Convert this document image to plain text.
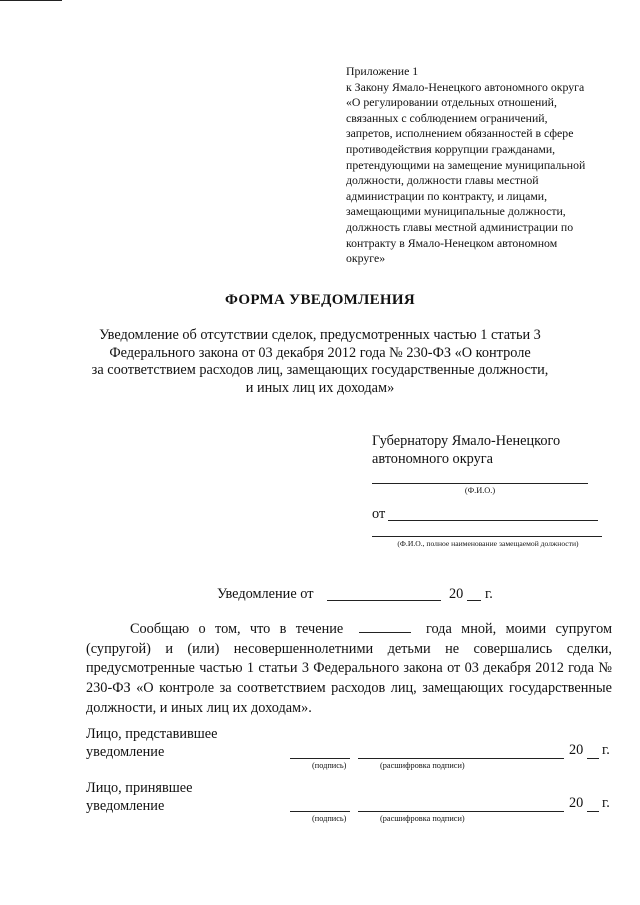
Приложение 1
к Закону Ямало-Ненецкого автономного округа
«О регулировании отдельных отношений,
связанных с соблюдением ограничений,
запретов, исполнением обязанностей в сфере
противодействия коррупции гражданами,
претендующими на замещение муниципальной
должности, должности главы местной
администрации по контракту, и лицами,
замещающими муниципальные должности,
должность главы местной администрации по
контракту в Ямало-Ненецком автономном
округе»
ФОРМА УВЕДОМЛЕНИЯ
Уведомление об отсутствии сделок, предусмотренных частью 1 статьи 3
Федерального закона от 03 декабря 2012 года № 230-ФЗ «О контроле
за соответствием расходов лиц, замещающих государственные должности,
и иных лиц их доходам»
Губернатору Ямало-Ненецкого
автономного округа
(Ф.И.О.)
от
(Ф.И.О., полное наименование замещаемой должности)
Уведомление от	20 г.
Сообщаю о том, что в течение	года мной, моими супругом (супругой) и (или) несовершеннолетними детьми не совершались сделки, предусмотренные частью 1 статьи 3 Федерального закона от 03 декабря 2012 года № 230-ФЗ «О контроле за соответствием расходов лиц, замещающих государственные должности, и иных лиц их доходам».
Лицо, представившее
уведомление	20 г.
(подпись)	(расшифровка подписи)
Лицо, принявшее
уведомление	20 г.
(подпись)	(расшифровка подписи)
